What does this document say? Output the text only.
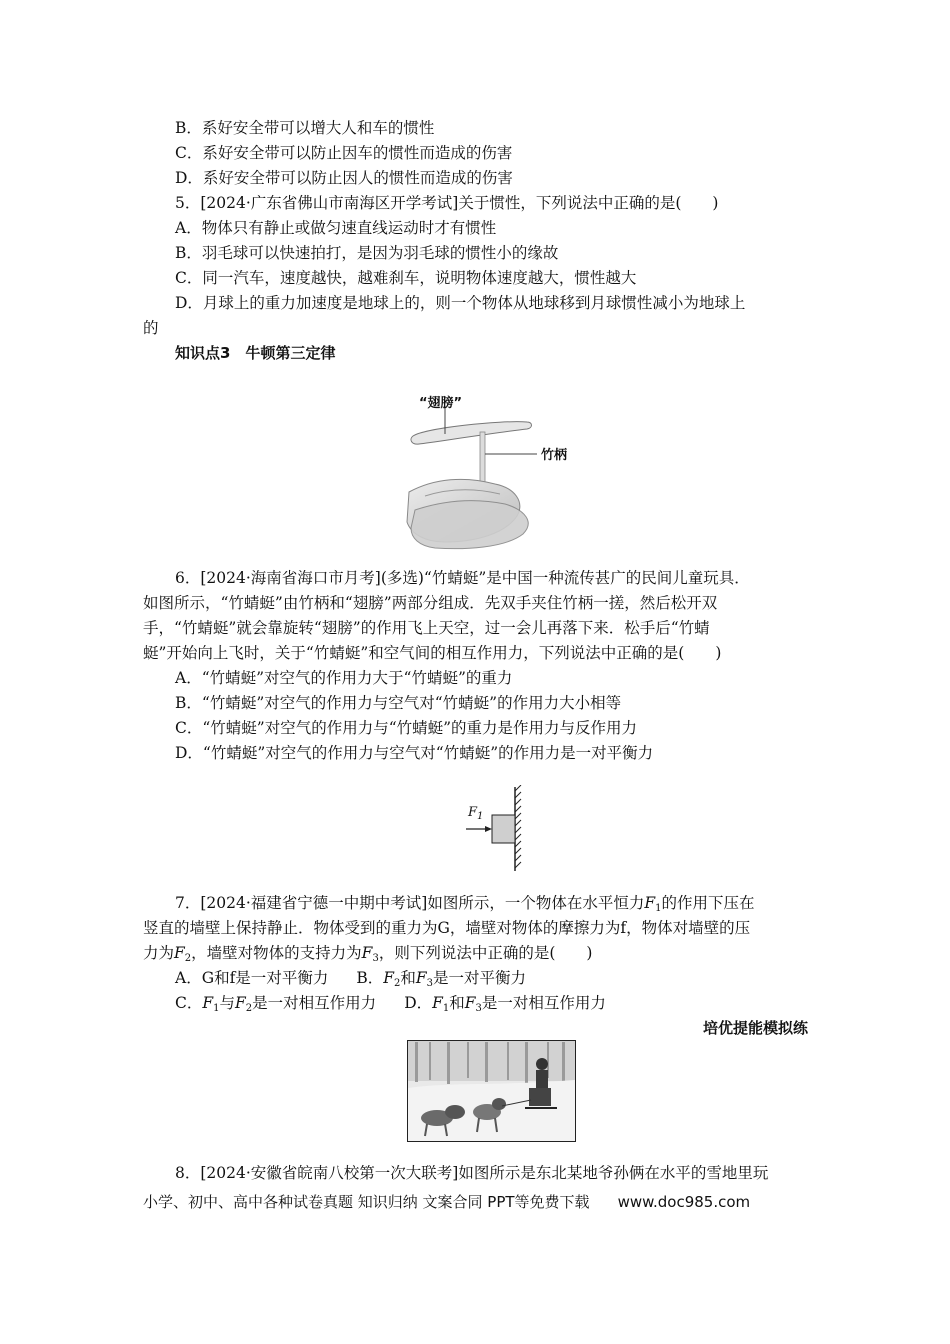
B．系好安全带可以增大人和车的惯性
C．系好安全带可以防止因车的惯性而造成的伤害
D．系好安全带可以防止因人的惯性而造成的伤害
5．[2024·广东省佛山市南海区开学考试]关于惯性，下列说法中正确的是(　　)
A．物体只有静止或做匀速直线运动时才有惯性
B．羽毛球可以快速拍打，是因为羽毛球的惯性小的缘故
C．同一汽车，速度越快，越难刹车，说明物体速度越大，惯性越大
D．月球上的重力加速度是地球上的，则一个物体从地球移到月球惯性减小为地球上
的
知识点3　牛顿第三定律
“翅膀”
竹柄
6．[2024·海南省海口市月考](多选)“竹蜻蜓”是中国一种流传甚广的民间儿童玩具．
如图所示，“竹蜻蜓”由竹柄和“翅膀”两部分组成．先双手夹住竹柄一搓，然后松开双
手，“竹蜻蜓”就会靠旋转“翅膀”的作用飞上天空，过一会儿再落下来．松手后“竹蜻
蜓”开始向上飞时，关于“竹蜻蜓”和空气间的相互作用力，下列说法中正确的是(　　)
A．“竹蜻蜓”对空气的作用力大于“竹蜻蜓”的重力
B．“竹蜻蜓”对空气的作用力与空气对“竹蜻蜓”的作用力大小相等
C．“竹蜻蜓”对空气的作用力与“竹蜻蜓”的重力是作用力与反作用力
D．“竹蜻蜓”对空气的作用力与空气对“竹蜻蜓”的作用力是一对平衡力
$F_1$
7．[2024·福建省宁德一中期中考试]如图所示，一个物体在水平恒力$F_1$的作用下压在
竖直的墙壁上保持静止．物体受到的重力为G，墙壁对物体的摩擦力为f，物体对墙壁的压
力为$F_2$，墙壁对物体的支持力为$F_3$，则下列说法中正确的是(　　)
A．G和f是一对平衡力 B．$F_2$和$F_3$是一对平衡力
C．$F_1$与$F_2$是一对相互作用力 D．$F_1$和$F_3$是一对相互作用力
培优提能模拟练
8．[2024·安徽省皖南八校第一次大联考]如图所示是东北某地爷孙俩在水平的雪地里玩
小学、初中、高中各种试卷真题 知识归纳 文案合同 PPT等免费下载 www.doc985.com
